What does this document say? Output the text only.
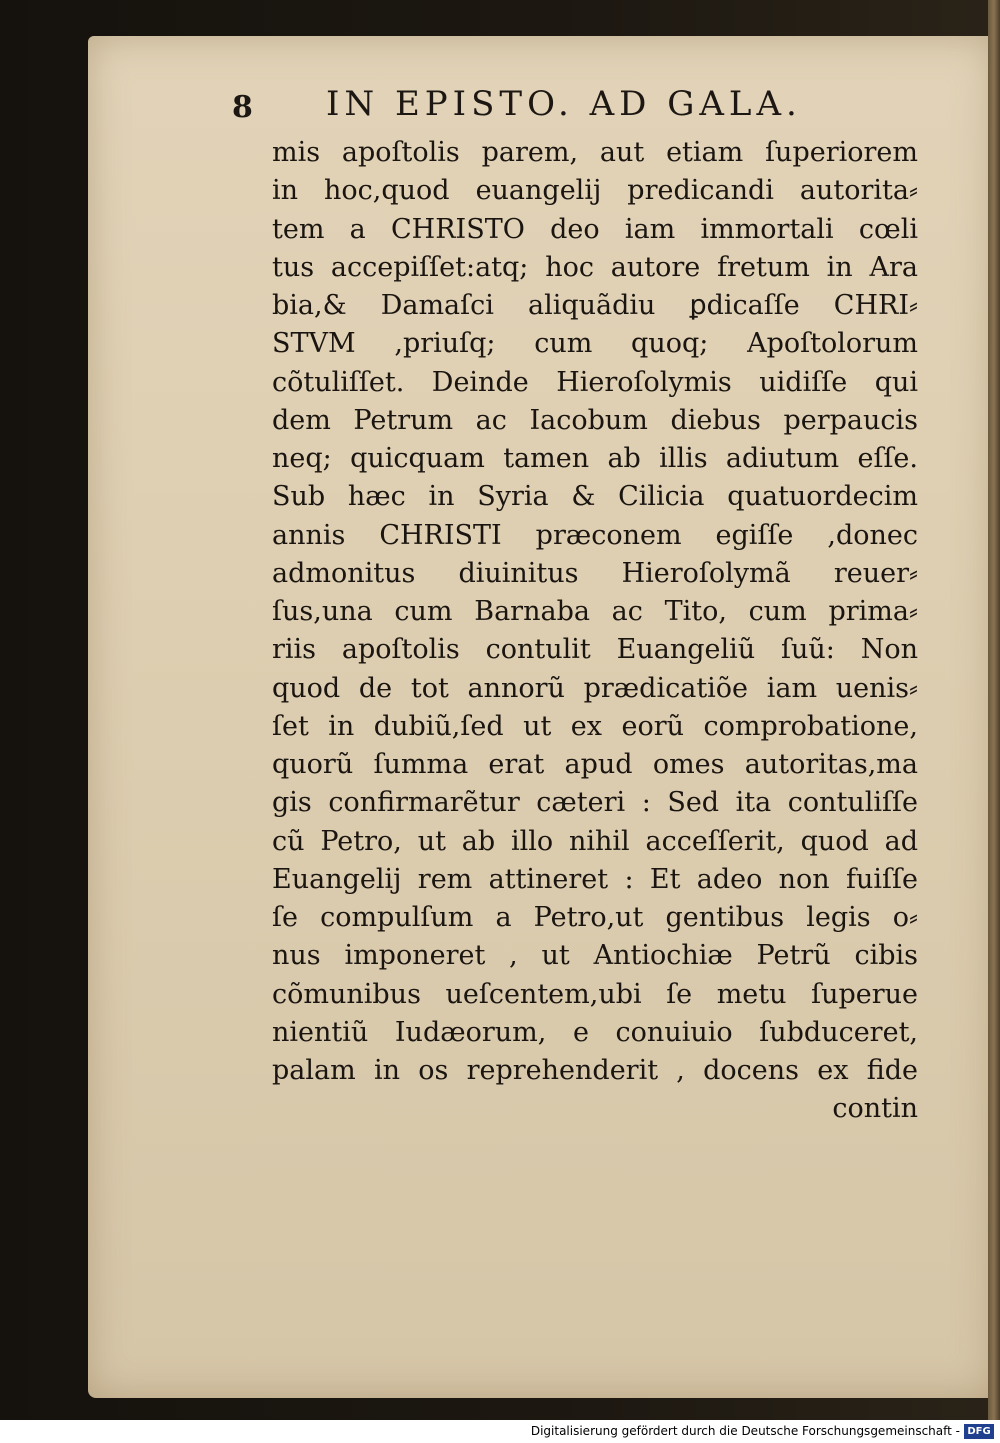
8 IN EPISTO. AD GALA.
mis apoſtolis parem, aut etiam ſuperiorem
in hoc,quod euangelij predicandi autorita⸗
tem a CHRISTO deo iam immortali cœli
tus accepiſſet:atq; hoc autore fretum in Ara
bia,& Damaſci aliquãdiu ꝑdicaſſe CHRI⸗
STVM ,priuſq; cum quoq; Apoſtolorum
cõtuliſſet. Deinde Hieroſolymis uidiſſe qui
dem Petrum ac Iacobum diebus perpaucis
neq; quicquam tamen ab illis adiutum eſſe.
Sub hæc in Syria & Cilicia quatuordecim
annis CHRISTI præconem egiſſe ,donec
admonitus diuinitus Hieroſolymã reuer⸗
ſus,una cum Barnaba ac Tito, cum prima⸗
riis apoſtolis contulit Euangeliũ ſuũ: Non
quod de tot annorũ prædicatiõe iam uenis⸗
ſet in dubiũ,ſed ut ex eorũ comprobatione,
quorũ ſumma erat apud omes autoritas,ma
gis confirmarẽtur cæteri : Sed ita contuliſſe
cũ Petro, ut ab illo nihil acceſſerit, quod ad
Euangelij rem attineret : Et adeo non fuiſſe
ſe compulſum a Petro,ut gentibus legis o⸗
nus imponeret , ut Antiochiæ Petrũ cibis
cõmunibus ueſcentem,ubi ſe metu ſuperue
nientiũ Iudæorum, e conuiuio ſubduceret,
palam in os reprehenderit , docens ex fide
contin
Digitalisierung gefördert durch die Deutsche Forschungsgemeinschaft - DFG
